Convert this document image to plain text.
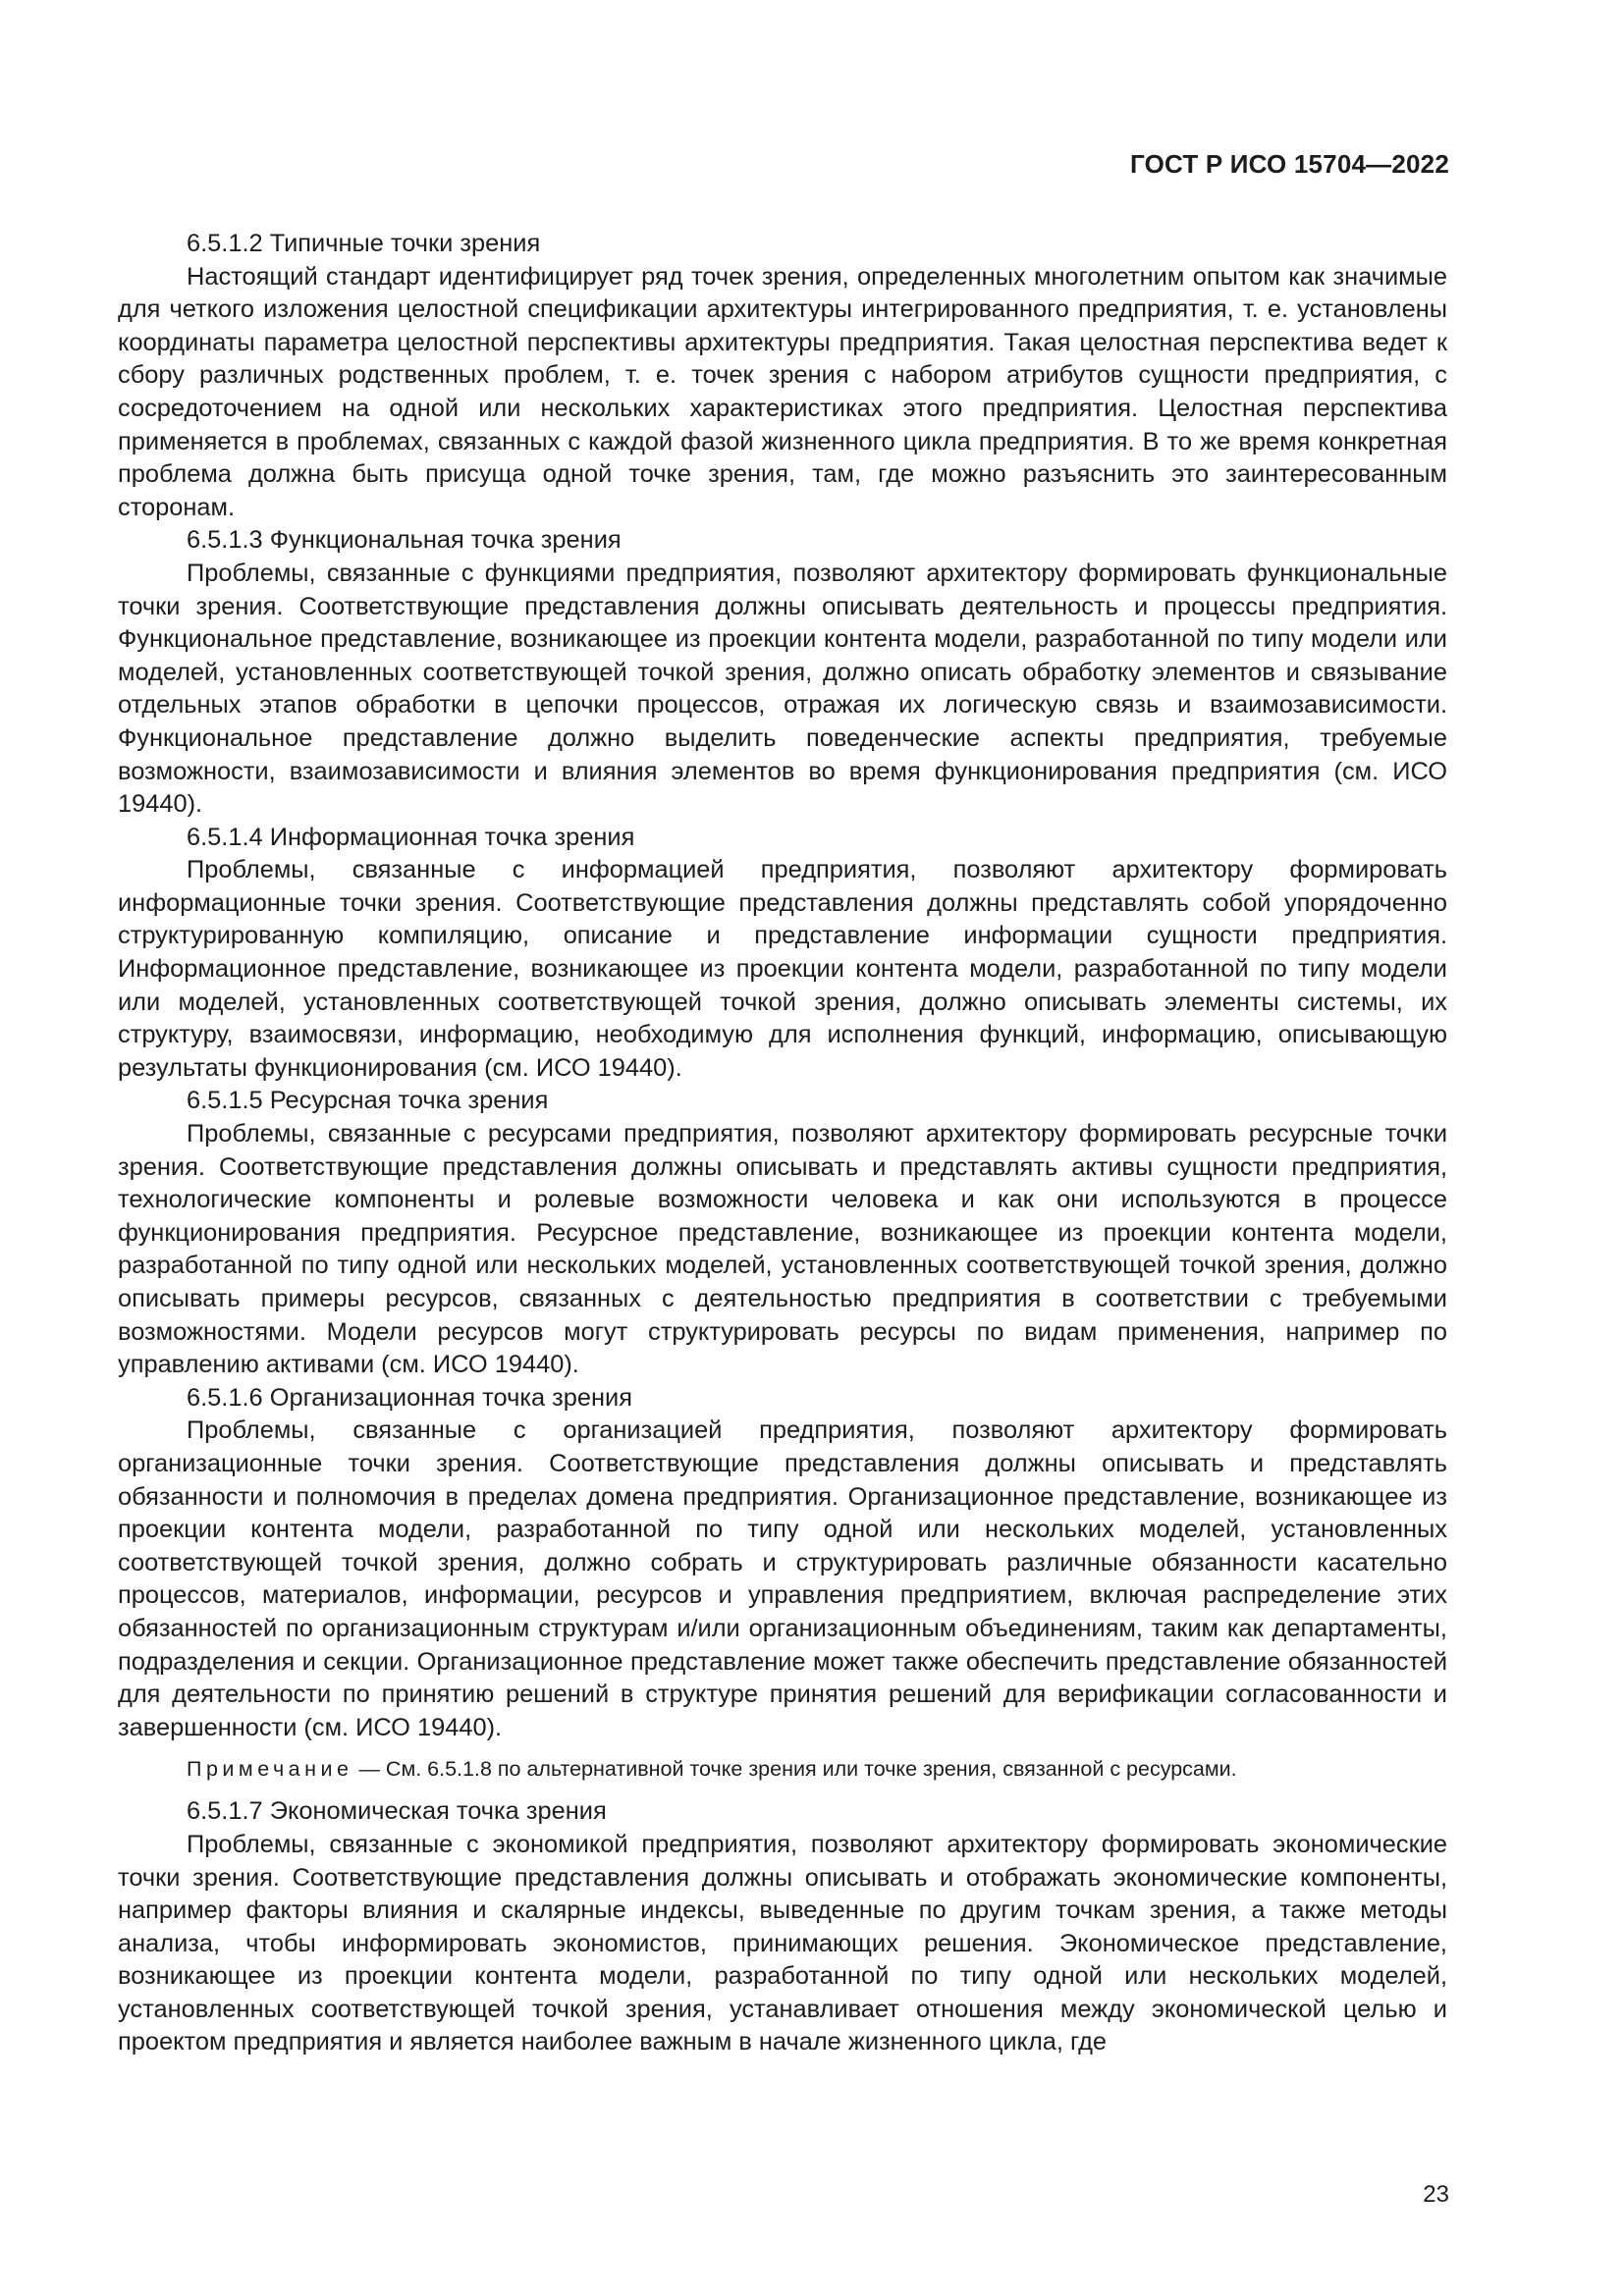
ГОСТ Р ИСО 15704—2022

6.5.1.2 Типичные точки зрения

Настоящий стандарт идентифицирует ряд точек зрения, определенных многолетним опытом как значимые для четкого изложения целостной спецификации архитектуры интегрированного предприятия, т. е. установлены координаты параметра целостной перспективы архитектуры предприятия. Такая целостная перспектива ведет к сбору различных родственных проблем, т. е. точек зрения с набором атрибутов сущности предприятия, с сосредоточением на одной или нескольких характеристиках этого предприятия. Целостная перспектива применяется в проблемах, связанных с каждой фазой жизненного цикла предприятия. В то же время конкретная проблема должна быть присуща одной точке зрения, там, где можно разъяснить это заинтересованным сторонам.

6.5.1.3 Функциональная точка зрения

Проблемы, связанные с функциями предприятия, позволяют архитектору формировать функциональные точки зрения. Соответствующие представления должны описывать деятельность и процессы предприятия. Функциональное представление, возникающее из проекции контента модели, разработанной по типу модели или моделей, установленных соответствующей точкой зрения, должно описать обработку элементов и связывание отдельных этапов обработки в цепочки процессов, отражая их логическую связь и взаимозависимости. Функциональное представление должно выделить поведенческие аспекты предприятия, требуемые возможности, взаимозависимости и влияния элементов во время функционирования предприятия (см. ИСО 19440).

6.5.1.4 Информационная точка зрения

Проблемы, связанные с информацией предприятия, позволяют архитектору формировать информационные точки зрения. Соответствующие представления должны представлять собой упорядоченно структурированную компиляцию, описание и представление информации сущности предприятия. Информационное представление, возникающее из проекции контента модели, разработанной по типу модели или моделей, установленных соответствующей точкой зрения, должно описывать элементы системы, их структуру, взаимосвязи, информацию, необходимую для исполнения функций, информацию, описывающую результаты функционирования (см. ИСО 19440).

6.5.1.5 Ресурсная точка зрения

Проблемы, связанные с ресурсами предприятия, позволяют архитектору формировать ресурсные точки зрения. Соответствующие представления должны описывать и представлять активы сущности предприятия, технологические компоненты и ролевые возможности человека и как они используются в процессе функционирования предприятия. Ресурсное представление, возникающее из проекции контента модели, разработанной по типу одной или нескольких моделей, установленных соответствующей точкой зрения, должно описывать примеры ресурсов, связанных с деятельностью предприятия в соответствии с требуемыми возможностями. Модели ресурсов могут структурировать ресурсы по видам применения, например по управлению активами (см. ИСО 19440).

6.5.1.6 Организационная точка зрения

Проблемы, связанные с организацией предприятия, позволяют архитектору формировать организационные точки зрения. Соответствующие представления должны описывать и представлять обязанности и полномочия в пределах домена предприятия. Организационное представление, возникающее из проекции контента модели, разработанной по типу одной или нескольких моделей, установленных соответствующей точкой зрения, должно собрать и структурировать различные обязанности касательно процессов, материалов, информации, ресурсов и управления предприятием, включая распределение этих обязанностей по организационным структурам и/или организационным объединениям, таким как департаменты, подразделения и секции. Организационное представление может также обеспечить представление обязанностей для деятельности по принятию решений в структуре принятия решений для верификации согласованности и завершенности (см. ИСО 19440).

Примечание — См. 6.5.1.8 по альтернативной точке зрения или точке зрения, связанной с ресурсами.

6.5.1.7 Экономическая точка зрения

Проблемы, связанные с экономикой предприятия, позволяют архитектору формировать экономические точки зрения. Соответствующие представления должны описывать и отображать экономические компоненты, например факторы влияния и скалярные индексы, выведенные по другим точкам зрения, а также методы анализа, чтобы информировать экономистов, принимающих решения. Экономическое представление, возникающее из проекции контента модели, разработанной по типу одной или нескольких моделей, установленных соответствующей точкой зрения, устанавливает отношения между экономической целью и проектом предприятия и является наиболее важным в начале жизненного цикла, где

23
